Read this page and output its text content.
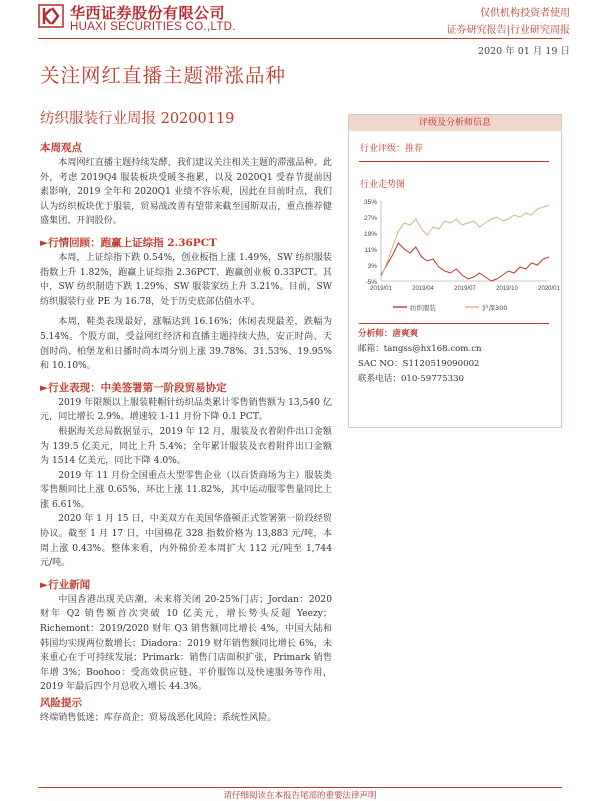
华西证券股份有限公司
HUAXI SECURITIES CO.,LTD.
仅供机构投资者使用
证券研究报告|行业研究周报
2020 年 01 月 19 日
关注网红直播主题滞涨品种
纺织服装行业周报 20200119

本周观点

本周网红直播主题持续发酵，我们建议关注相关主题的滞涨品种。此外，考虑 2019Q4 服装板块受暖冬拖累，以及 2020Q1 受春节提前因素影响，2019 全年和 2020Q1 业绩不容乐观，因此在目前时点，我们认为纺织板块优于服装，贸易战改善有望带来截至国斯双击，重点推荐健盛集团、开润股份。

►行情回顾：跑赢上证综指 2.36PCT

本周，上证综指下跌 0.54%，创业板指上涨 1.49%，SW 纺织服装指数上升 1.82%，跑赢上证综指 2.36PCT、跑赢创业板 0.33PCT。其中，SW 纺织制造下跌 1.29%、SW 服装家纺上升 3.21%。目前，SW 纺织服装行业 PE 为 16.78，处于历史底部估值水平。

本周，鞋类表现最好，涨幅达到 16.16%；休闲表现最差，跌幅为 5.14%。个股方面，受益网红经济和直播主题持续大热，安正时尚、天创时尚、柏堡龙和日播时尚本周分别上涨 39.78%、31.53%、19.95%和 10.10%。

►行业表现：中美签署第一阶段贸易协定

2019 年限额以上服装鞋帽针纺织品类累计零售销售额为 13,540 亿元，同比增长 2.9%。增速较 1-11 月份下降 0.1 PCT。

根据海关总局数据显示，2019 年 12 月，服装及衣着附件出口金额为 139.5 亿美元，同比上升 5.4%；全年累计服装及衣着附件出口金额为 1514 亿美元，同比下降 4.0%。

2019 年 11 月份全国重点大型零售企业（以百货商场为主）服装类零售额同比上涨 0.65%，环比上涨 11.82%，其中运动服零售量同比上涨 6.61%。

2020 年 1 月 15 日，中美双方在美国华盛顿正式签署第一阶段经贸协议。截至 1 月 17 日，中国棉花 328 指数价格为 13,883 元/吨，本周上涨 0.43%。整体来看，内外棉价差本周扩大 112 元/吨至 1,744 元/吨。

►行业新闻

中国香港出现关店潮，未来将关闭 20-25%门店；Jordan：2020 财年 Q2 销售额首次突破 10 亿美元，增长势头反超 Yeezy；Richemont：2019/2020 财年 Q3 销售额同比增长 4%，中国大陆和韩国均实现两位数增长；Diadora：2019 财年销售额同比增长 6%，未来重心在于可持续发展；Primark：销售门店面积扩张，Primark 销售年增 3%；Boohoo：受高效供应链、平价服饰以及快速服务等作用，2019 年最后四个月总收入增长 44.3%。

风险提示

终端销售低迷；库存高企；贸易战恶化风险；系统性风险。

评级及分析师信息
行业评级：推荐
行业走势图
35%
27%
19%
11%
3%
-5%
2019/01	2019/04	2019/07	2019/10	2020/01
纺织服装	沪深300
分析师：唐爽爽
邮箱：tangss@hx168.com.cn
SAC NO：S1120519090002
联系电话：010-59775330
请仔细阅读在本报告尾部的重要法律声明
